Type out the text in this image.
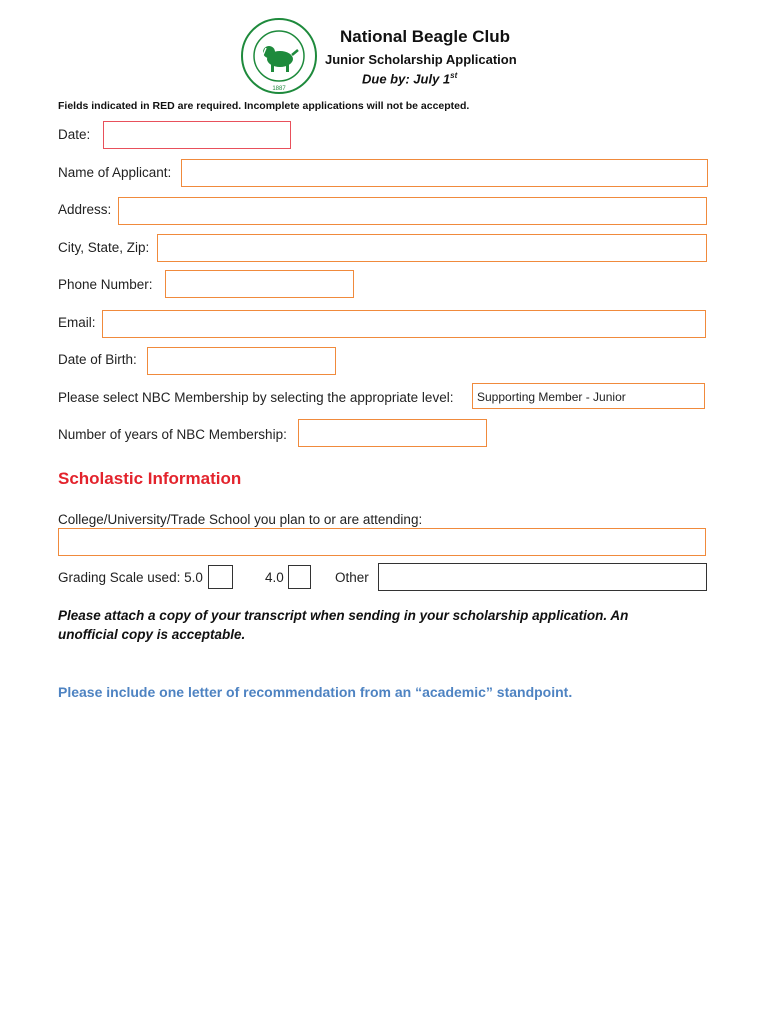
1887
National Beagle Club
Junior Scholarship Application
Due by: July 1st
Fields indicated in RED are required. Incomplete applications will not be accepted.
Date:
Name of Applicant:
Address:
City, State, Zip:
Phone Number:
Email:
Date of Birth:
Please select NBC Membership by selecting the appropriate level:	Supporting Member - Junior
Number of years of NBC Membership:
Scholastic Information
College/University/Trade School you plan to or are attending:
Grading Scale used: 5.0	4.0	Other
Please attach a copy of your transcript when sending in your scholarship application. An unofficial copy is acceptable.
Please include one letter of recommendation from an “academic” standpoint.
